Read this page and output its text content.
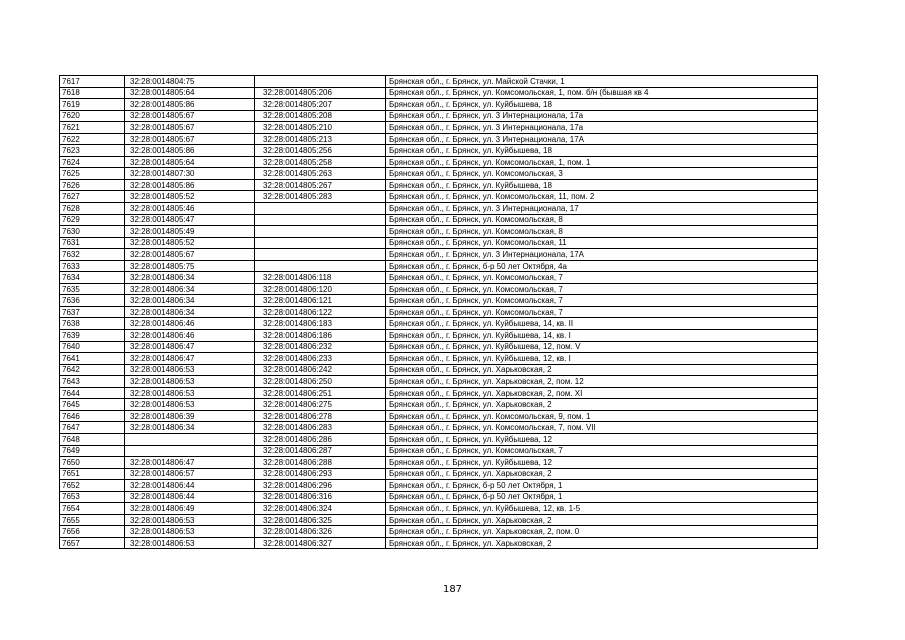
7617	32:28:0014804:75		Брянская обл., г. Брянск, ул. Майской Стачки, 1
7618	32:28:0014805:64	32:28:0014805:206	Брянская обл., г. Брянск, ул. Комсомольская, 1, пом. б/н (бывшая кв 4
7619	32:28:0014805:86	32:28:0014805:207	Брянская обл., г. Брянск, ул. Куйбышева, 18
7620	32:28:0014805:67	32:28:0014805:208	Брянская обл., г. Брянск, ул. 3 Интернационала, 17а
7621	32:28:0014805:67	32:28:0014805:210	Брянская обл., г. Брянск, ул. 3 Интернационала, 17а
7622	32:28:0014805:67	32:28:0014805:213	Брянская обл., г. Брянск, ул. 3 Интернационала, 17А
7623	32:28:0014805:86	32:28:0014805:256	Брянская обл., г. Брянск, ул. Куйбышева, 18
7624	32:28:0014805:64	32:28:0014805:258	Брянская обл., г. Брянск, ул. Комсомольская, 1, пом. 1
7625	32:28:0014807:30	32:28:0014805:263	Брянская обл., г. Брянск, ул. Комсомольская, 3
7626	32:28:0014805:86	32:28:0014805:267	Брянская обл., г. Брянск, ул. Куйбышева, 18
7627	32:28:0014805:52	32:28:0014805:283	Брянская обл., г. Брянск, ул. Комсомольская, 11, пом. 2
7628	32:28:0014805:46		Брянская обл., г. Брянск, ул. 3 Интернационала, 17
7629	32:28:0014805:47		Брянская обл., г. Брянск, ул. Комсомольская, 8
7630	32:28:0014805:49		Брянская обл., г. Брянск, ул. Комсомольская, 8
7631	32:28:0014805:52		Брянская обл., г. Брянск, ул. Комсомольская, 11
7632	32:28:0014805:67		Брянская обл., г. Брянск, ул. 3 Интернационала, 17А
7633	32:28:0014805:75		Брянская обл., г. Брянск, б-р 50 лет Октября, 4а
7634	32:28:0014806:34	32:28:0014806:118	Брянская обл., г. Брянск, ул. Комсомольская, 7
7635	32:28:0014806:34	32:28:0014806:120	Брянская обл., г. Брянск, ул. Комсомольская, 7
7636	32:28:0014806:34	32:28:0014806:121	Брянская обл., г. Брянск, ул. Комсомольская, 7
7637	32:28:0014806:34	32:28:0014806:122	Брянская обл., г. Брянск, ул. Комсомольская, 7
7638	32:28:0014806:46	32:28:0014806:183	Брянская обл., г. Брянск, ул. Куйбышева, 14, кв. II
7639	32:28:0014806:46	32:28:0014806:186	Брянская обл., г. Брянск, ул. Куйбышева, 14, кв. I
7640	32:28:0014806:47	32:28:0014806:232	Брянская обл., г. Брянск, ул. Куйбышева, 12, пом. V
7641	32:28:0014806:47	32:28:0014806:233	Брянская обл., г. Брянск, ул. Куйбышева, 12, кв. I
7642	32:28:0014806:53	32:28:0014806:242	Брянская обл., г. Брянск, ул. Харьковская, 2
7643	32:28:0014806:53	32:28:0014806:250	Брянская обл., г. Брянск, ул. Харьковская, 2, пом. 12
7644	32:28:0014806:53	32:28:0014806:251	Брянская обл., г. Брянск, ул. Харьковская, 2, пом. XI
7645	32:28:0014806:53	32:28:0014806:275	Брянская обл., г. Брянск, ул. Харьковская, 2
7646	32:28:0014806:39	32:28:0014806:278	Брянская обл., г. Брянск, ул. Комсомольская, 9, пом. 1
7647	32:28:0014806:34	32:28:0014806:283	Брянская обл., г. Брянск, ул. Комсомольская, 7, пом. VII
7648		32:28:0014806:286	Брянская обл., г. Брянск, ул. Куйбышева, 12
7649		32:28:0014806:287	Брянская обл., г. Брянск, ул. Комсомольская, 7
7650	32:28:0014806:47	32:28:0014806:288	Брянская обл., г. Брянск, ул. Куйбышева, 12
7651	32:28:0014806:57	32:28:0014806:293	Брянская обл., г. Брянск, ул. Харьковская, 2
7652	32:28:0014806:44	32:28:0014806:296	Брянская обл., г. Брянск, б-р 50 лет Октября, 1
7653	32:28:0014806:44	32:28:0014806:316	Брянская обл., г. Брянск, б-р 50 лет Октября, 1
7654	32:28:0014806:49	32:28:0014806:324	Брянская обл., г. Брянск, ул. Куйбышева, 12, кв. 1-5
7655	32:28:0014806:53	32:28:0014806:325	Брянская обл., г. Брянск, ул. Харьковская, 2
7656	32:28:0014806:53	32:28:0014806:326	Брянская обл., г. Брянск, ул. Харьковская, 2, пом. 0
7657	32:28:0014806:53	32:28:0014806:327	Брянская обл., г. Брянск, ул. Харьковская, 2
187
